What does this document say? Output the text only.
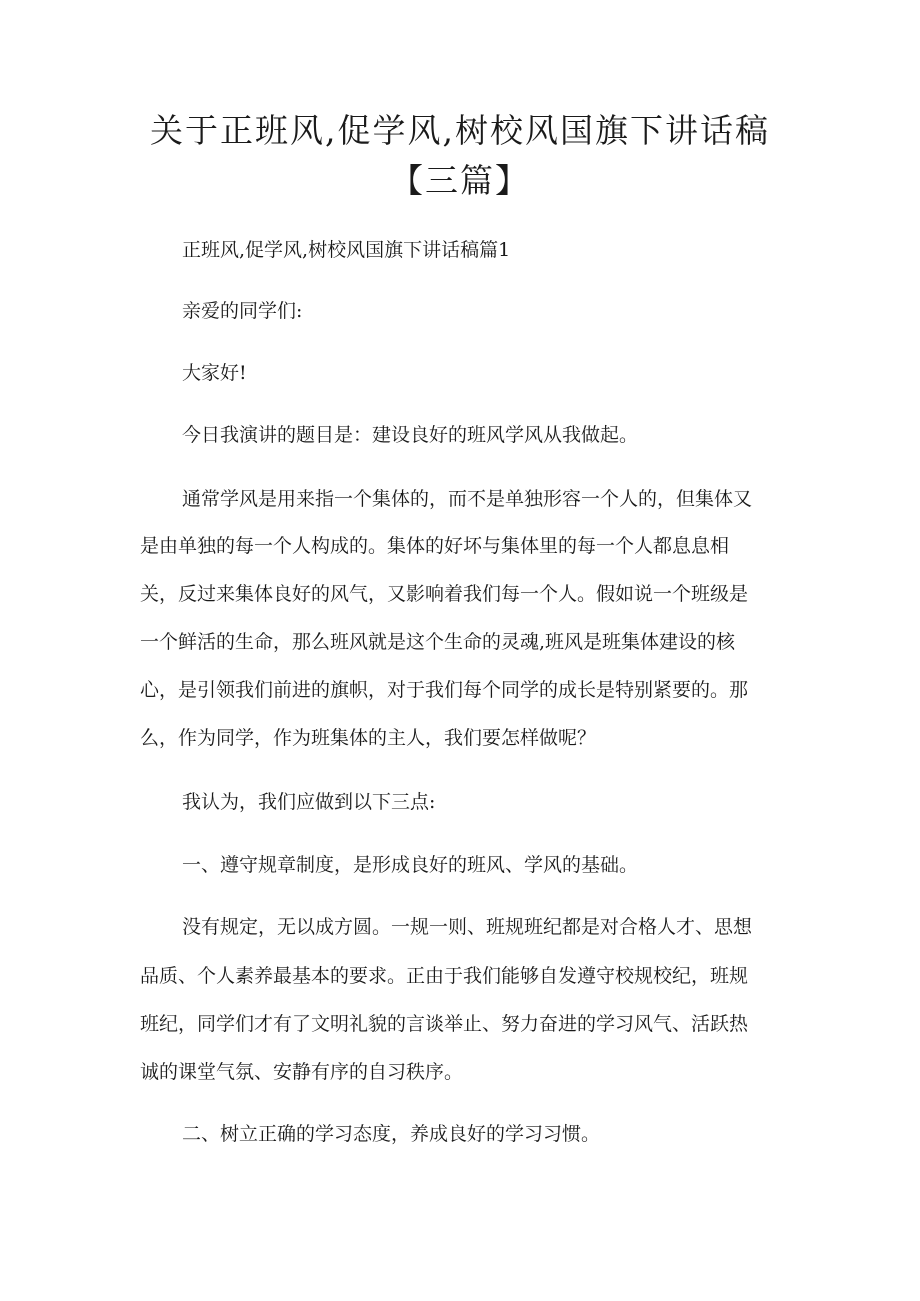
关于正班风,促学风,树校风国旗下讲话稿
【三篇】

正班风,促学风,树校风国旗下讲话稿篇1

亲爱的同学们:

大家好!

今日我演讲的题目是：建设良好的班风学风从我做起。

通常学风是用来指一个集体的，而不是单独形容一个人的，但集体又

是由单独的每一个人构成的。集体的好坏与集体里的每一个人都息息相

关，反过来集体良好的风气，又影响着我们每一个人。假如说一个班级是

一个鲜活的生命，那么班风就是这个生命的灵魂,班风是班集体建设的核

心，是引领我们前进的旗帜，对于我们每个同学的成长是特别紧要的。那

么，作为同学，作为班集体的主人，我们要怎样做呢？

我认为，我们应做到以下三点:

一、遵守规章制度，是形成良好的班风、学风的基础。

没有规定，无以成方圆。一规一则、班规班纪都是对合格人才、思想

品质、个人素养最基本的要求。正由于我们能够自发遵守校规校纪，班规

班纪，同学们才有了文明礼貌的言谈举止、努力奋进的学习风气、活跃热

诚的课堂气氛、安静有序的自习秩序。

二、树立正确的学习态度，养成良好的学习习惯。
